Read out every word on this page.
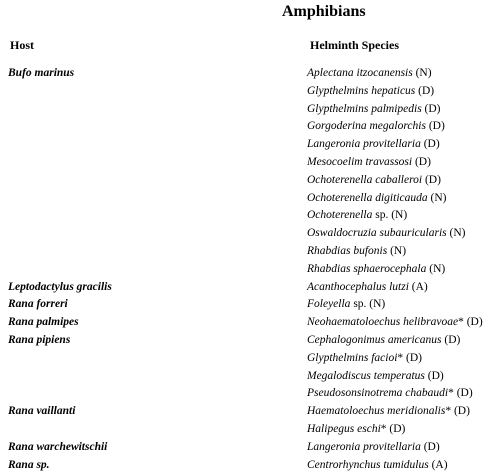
Amphibians
Host	Helminth Species
Bufo marinus	Aplectana itzocanensis (N)
Glypthelmins hepaticus (D)
Glypthelmins palmipedis (D)
Gorgoderina megalorchis (D)
Langeronia provitellaria (D)
Mesocoelim travassosi (D)
Ochoterenella caballeroi (D)
Ochoterenella digiticauda (N)
Ochoterenella sp. (N)
Oswaldocruzia subauricularis (N)
Rhabdias bufonis (N)
Rhabdias sphaerocephala (N)
Leptodactylus gracilis	Acanthocephalus lutzi (A)
Rana forreri	Foleyella sp. (N)
Rana palmipes	Neohaematoloechus helibravoae* (D)
Rana pipiens	Cephalogonimus americanus (D)
Glypthelmins facioi* (D)
Megalodiscus temperatus (D)
Pseudosonsinotrema chabaudi* (D)
Rana vaillanti	Haematoloechus meridionalis* (D)
Halipegus eschi* (D)
Rana warchewitschii	Langeronia provitellaria (D)
Rana sp.	Centrorhynchus tumidulus (A)
